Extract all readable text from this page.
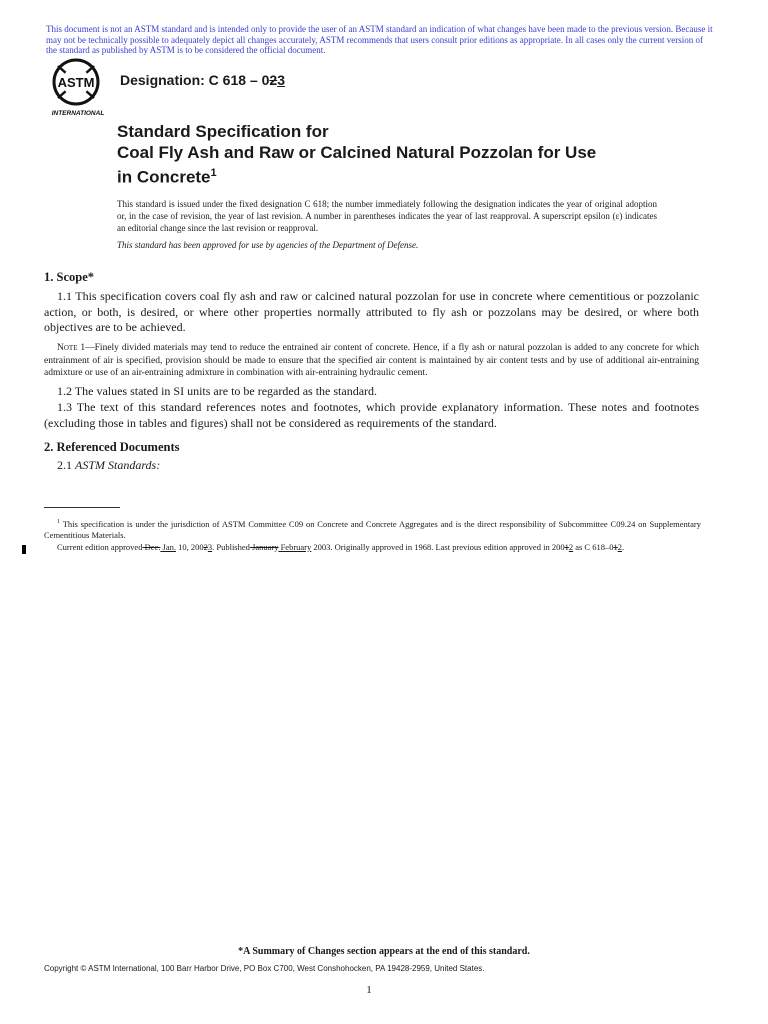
This document is not an ASTM standard and is intended only to provide the user of an ASTM standard an indication of what changes have been made to the previous version. Because it may not be technically possible to adequately depict all changes accurately, ASTM recommends that users consult prior editions as appropriate. In all cases only the current version of the standard as published by ASTM is to be considered the official document.
ASTM
INTERNATIONAL
Designation: C 618 – 023
Standard Specification for
Coal Fly Ash and Raw or Calcined Natural Pozzolan for Use
in Concrete$^1$
This standard is issued under the fixed designation C 618; the number immediately following the designation indicates the year of original adoption or, in the case of revision, the year of last revision. A number in parentheses indicates the year of last reapproval. A superscript epsilon (ε) indicates an editorial change since the last revision or reapproval.
This standard has been approved for use by agencies of the Department of Defense.
1. Scope*
1.1 This specification covers coal fly ash and raw or calcined natural pozzolan for use in concrete where cementitious or pozzolanic action, or both, is desired, or where other properties normally attributed to fly ash or pozzolans may be desired, or where both objectives are to be achieved.
Note 1—Finely divided materials may tend to reduce the entrained air content of concrete. Hence, if a fly ash or natural pozzolan is added to any concrete for which entrainment of air is specified, provision should be made to ensure that the specified air content is maintained by air content tests and by use of additional air-entraining admixture or use of an air-entraining admixture in combination with air-entraining hydraulic cement.
1.2 The values stated in SI units are to be regarded as the standard.
1.3 The text of this standard references notes and footnotes, which provide explanatory information. These notes and footnotes (excluding those in tables and figures) shall not be considered as requirements of the standard.
2. Referenced Documents
2.1 ASTM Standards:
$^1$ This specification is under the jurisdiction of ASTM Committee C09 on Concrete and Concrete Aggregates and is the direct responsibility of Subcommittee C09.24 on Supplementary Cementitious Materials.
Current edition approved Dec. Jan. 10, 20023. Published January February 2003. Originally approved in 1968. Last previous edition approved in 20012 as C 618–012.
*A Summary of Changes section appears at the end of this standard.
Copyright © ASTM International, 100 Barr Harbor Drive, PO Box C700, West Conshohocken, PA 19428-2959, United States.
1
